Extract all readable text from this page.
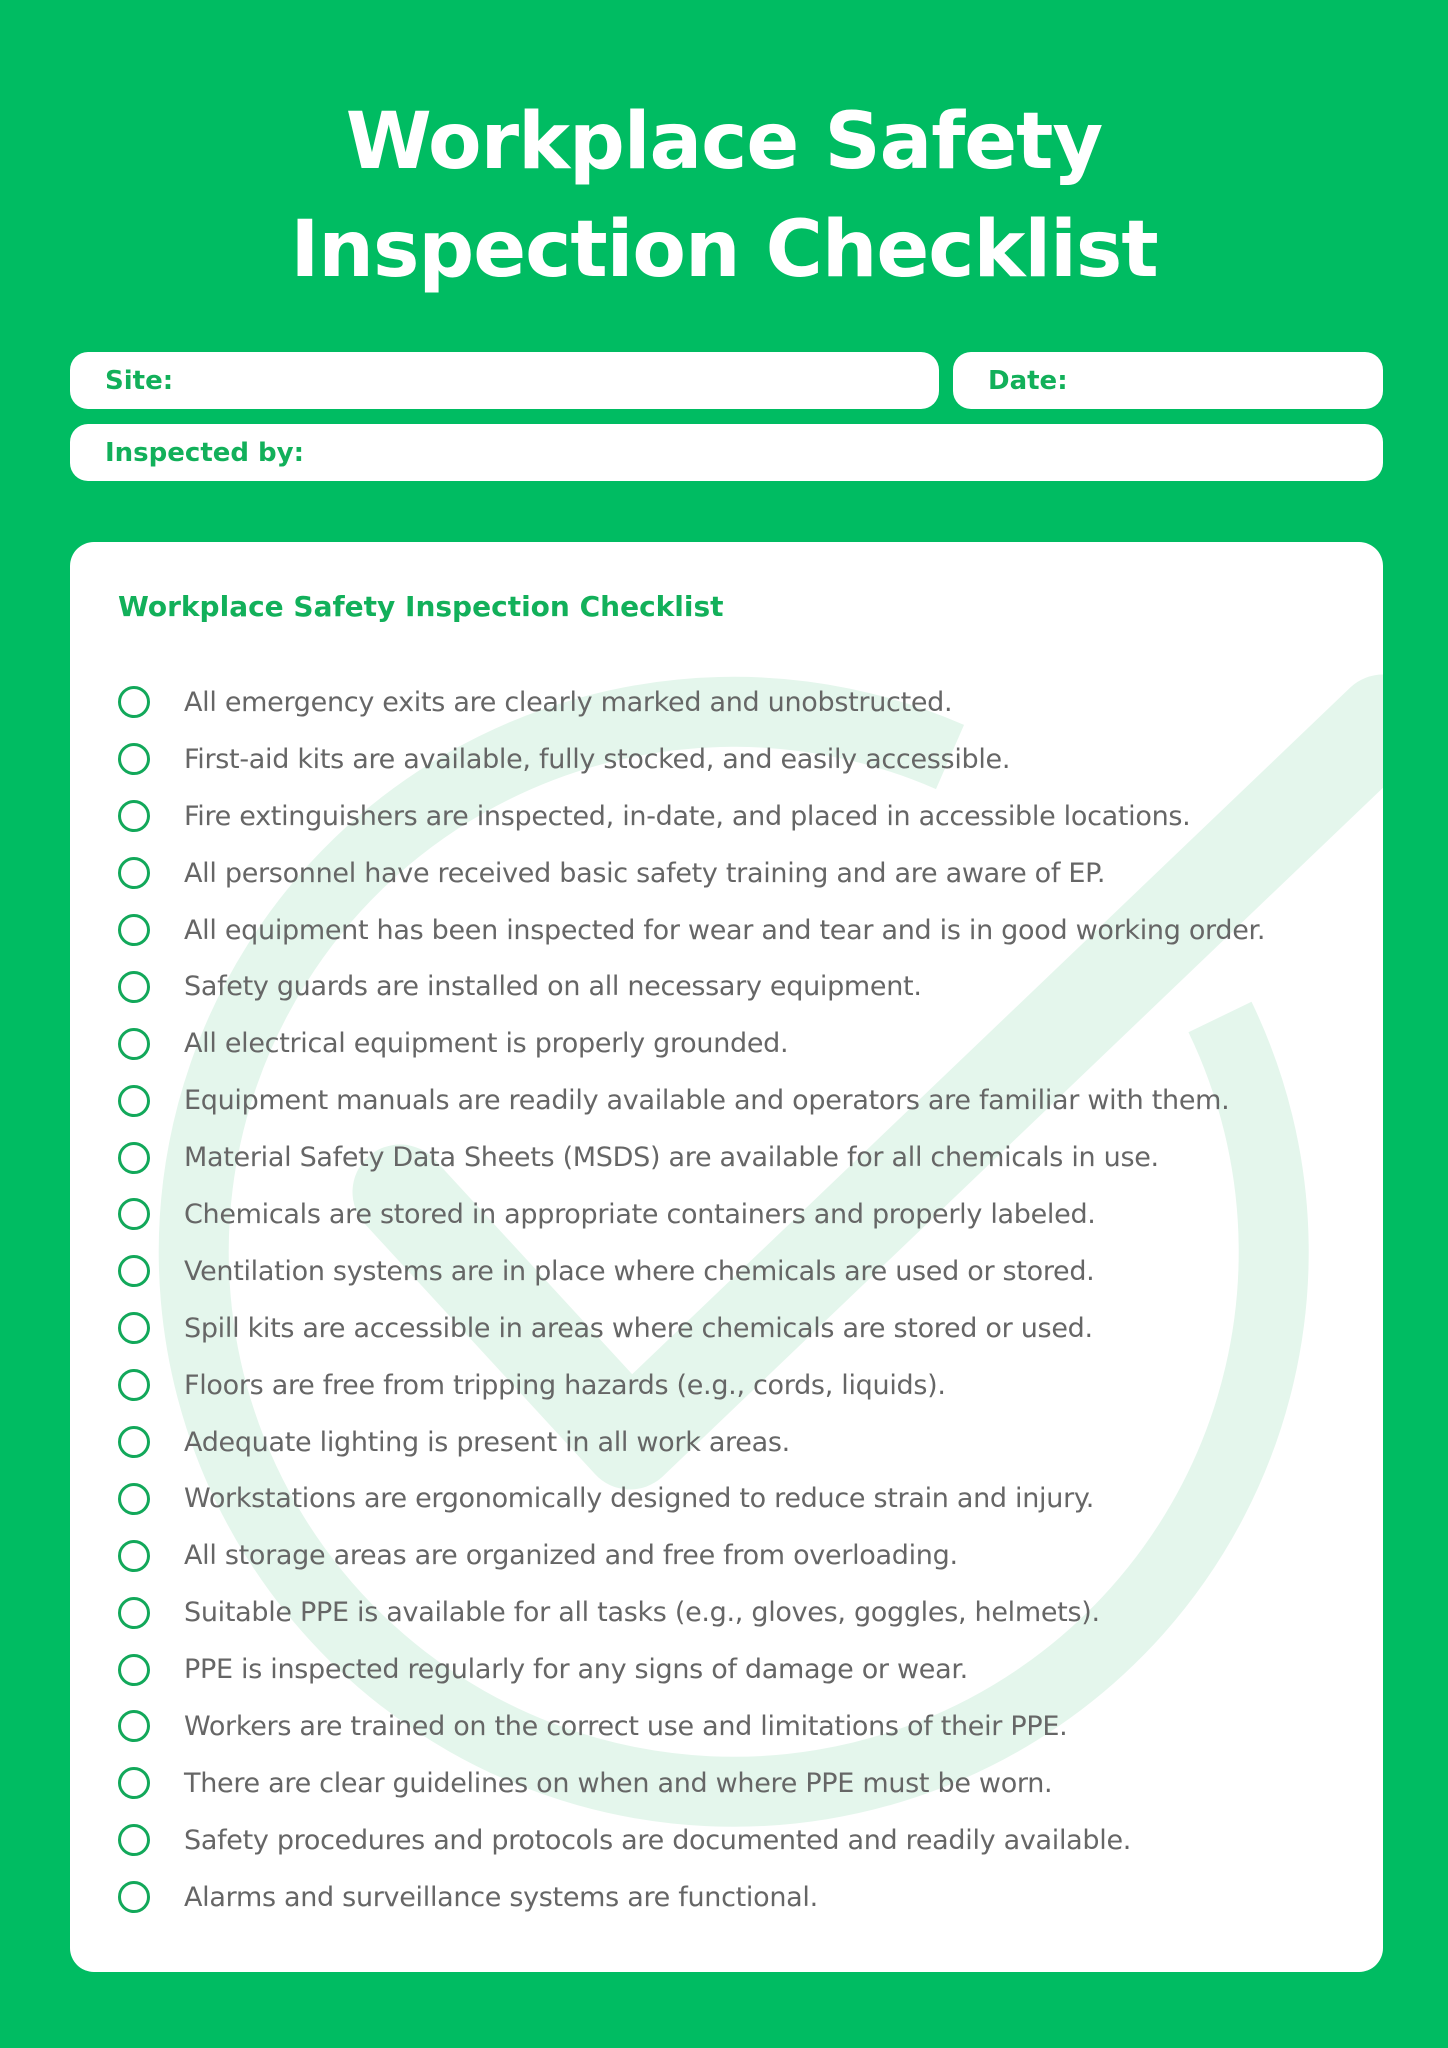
Workplace Safety
Inspection Checklist
Site:	Date:
Inspected by:
Workplace Safety Inspection Checklist
All emergency exits are clearly marked and unobstructed.
First-aid kits are available, fully stocked, and easily accessible.
Fire extinguishers are inspected, in-date, and placed in accessible locations.
All personnel have received basic safety training and are aware of EP.
All equipment has been inspected for wear and tear and is in good working order.
Safety guards are installed on all necessary equipment.
All electrical equipment is properly grounded.
Equipment manuals are readily available and operators are familiar with them.
Material Safety Data Sheets (MSDS) are available for all chemicals in use.
Chemicals are stored in appropriate containers and properly labeled.
Ventilation systems are in place where chemicals are used or stored.
Spill kits are accessible in areas where chemicals are stored or used.
Floors are free from tripping hazards (e.g., cords, liquids).
Adequate lighting is present in all work areas.
Workstations are ergonomically designed to reduce strain and injury.
All storage areas are organized and free from overloading.
Suitable PPE is available for all tasks (e.g., gloves, goggles, helmets).
PPE is inspected regularly for any signs of damage or wear.
Workers are trained on the correct use and limitations of their PPE.
There are clear guidelines on when and where PPE must be worn.
Safety procedures and protocols are documented and readily available.
Alarms and surveillance systems are functional.
